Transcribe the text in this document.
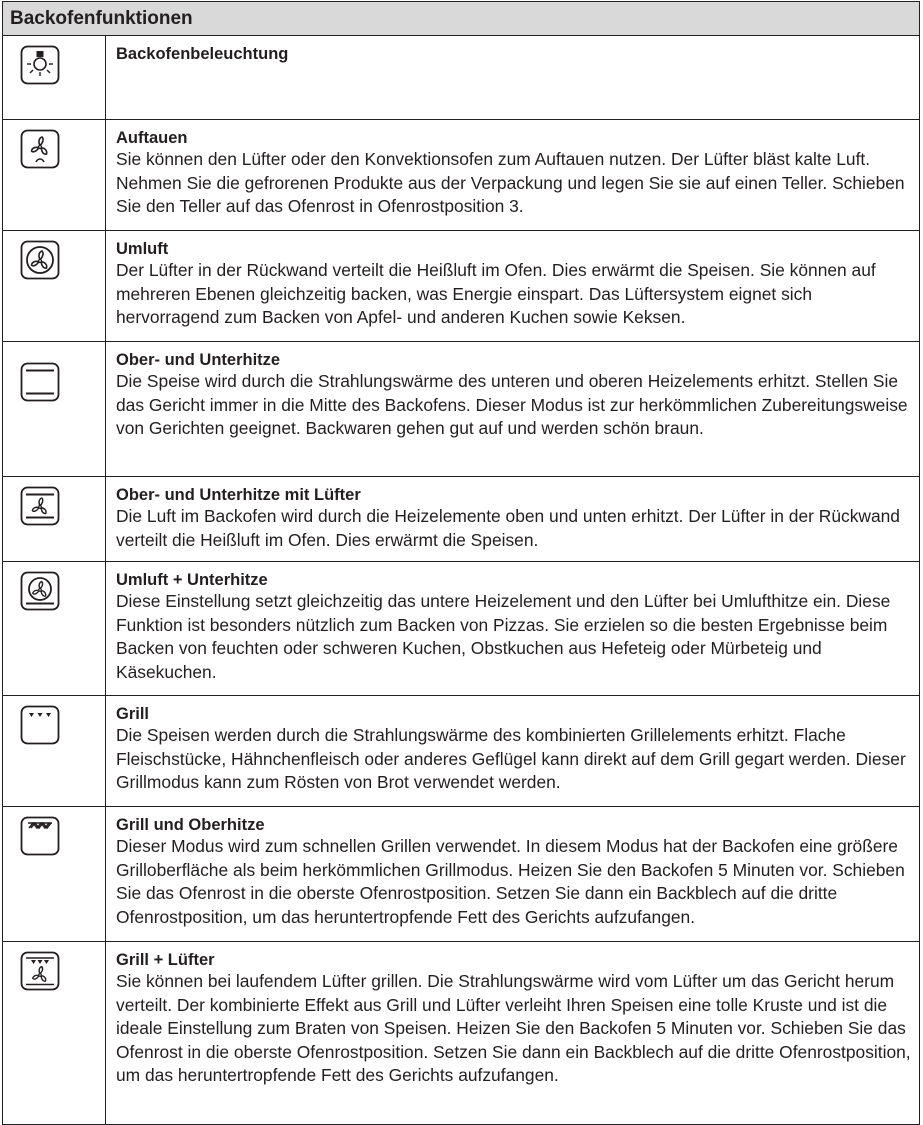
Backofenfunktionen
Backofenbeleuchtung
Auftauen
Sie können den Lüfter oder den Konvektionsofen zum Auftauen nutzen. Der Lüfter bläst kalte Luft. Nehmen Sie die gefrorenen Produkte aus der Verpackung und legen Sie sie auf einen Teller. Schieben Sie den Teller auf das Ofenrost in Ofenrostposition 3.
Umluft
Der Lüfter in der Rückwand verteilt die Heißluft im Ofen. Dies erwärmt die Speisen. Sie können auf mehreren Ebenen gleichzeitig backen, was Energie einspart. Das Lüftersystem eignet sich hervorragend zum Backen von Apfel- und anderen Kuchen sowie Keksen.
Ober- und Unterhitze
Die Speise wird durch die Strahlungswärme des unteren und oberen Heizelements erhitzt. Stellen Sie das Gericht immer in die Mitte des Backofens. Dieser Modus ist zur herkömmlichen Zubereitungsweise von Gerichten geeignet. Backwaren gehen gut auf und werden schön braun.
Ober- und Unterhitze mit Lüfter
Die Luft im Backofen wird durch die Heizelemente oben und unten erhitzt. Der Lüfter in der Rückwand verteilt die Heißluft im Ofen. Dies erwärmt die Speisen.
Umluft + Unterhitze
Diese Einstellung setzt gleichzeitig das untere Heizelement und den Lüfter bei Umlufthitze ein. Diese Funktion ist besonders nützlich zum Backen von Pizzas. Sie erzielen so die besten Ergebnisse beim Backen von feuchten oder schweren Kuchen, Obstkuchen aus Hefeteig oder Mürbeteig und Käsekuchen.
Grill
Die Speisen werden durch die Strahlungswärme des kombinierten Grillelements erhitzt. Flache Fleischstücke, Hähnchenfleisch oder anderes Geflügel kann direkt auf dem Grill gegart werden. Dieser Grillmodus kann zum Rösten von Brot verwendet werden.
Grill und Oberhitze
Dieser Modus wird zum schnellen Grillen verwendet. In diesem Modus hat der Backofen eine größere Grilloberfläche als beim herkömmlichen Grillmodus. Heizen Sie den Backofen 5 Minuten vor. Schieben Sie das Ofenrost in die oberste Ofenrostposition. Setzen Sie dann ein Backblech auf die dritte Ofenrostposition, um das heruntertropfende Fett des Gerichts aufzufangen.
Grill + Lüfter
Sie können bei laufendem Lüfter grillen. Die Strahlungswärme wird vom Lüfter um das Gericht herum verteilt. Der kombinierte Effekt aus Grill und Lüfter verleiht Ihren Speisen eine tolle Kruste und ist die ideale Einstellung zum Braten von Speisen. Heizen Sie den Backofen 5 Minuten vor. Schieben Sie das Ofenrost in die oberste Ofenrostposition. Setzen Sie dann ein Backblech auf die dritte Ofenrostposition, um das heruntertropfende Fett des Gerichts aufzufangen.
